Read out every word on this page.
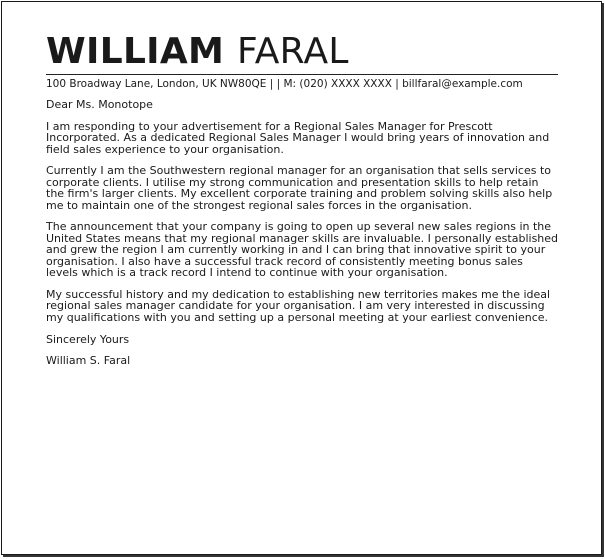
WILLIAM FARAL
100 Broadway Lane, London, UK NW80QE | | M: (020) XXXX XXXX | billfaral@example.com

Dear Ms. Monotope

I am responding to your advertisement for a Regional Sales Manager for Prescott Incorporated. As a dedicated Regional Sales Manager I would bring years of innovation and field sales experience to your organisation.

Currently I am the Southwestern regional manager for an organisation that sells services to corporate clients. I utilise my strong communication and presentation skills to help retain the firm's larger clients. My excellent corporate training and problem solving skills also help me to maintain one of the strongest regional sales forces in the organisation.

The announcement that your company is going to open up several new sales regions in the United States means that my regional manager skills are invaluable. I personally established and grew the region I am currently working in and I can bring that innovative spirit to your organisation. I also have a successful track record of consistently meeting bonus sales levels which is a track record I intend to continue with your organisation.

My successful history and my dedication to establishing new territories makes me the ideal regional sales manager candidate for your organisation. I am very interested in discussing my qualifications with you and setting up a personal meeting at your earliest convenience.

Sincerely Yours

William S. Faral
